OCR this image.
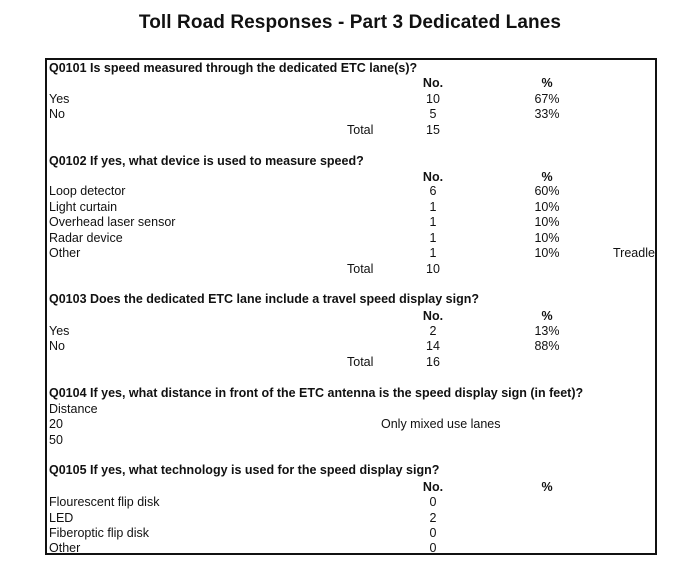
Toll Road Responses - Part 3 Dedicated Lanes
Q0101 Is speed measured through the dedicated ETC lane(s)?
No.	%
Yes	10	67%
No	5	33%
Total	15
Q0102 If yes, what device is used to measure speed?
No.	%
Loop detector	6	60%
Light curtain	1	10%
Overhead laser sensor	1	10%
Radar device	1	10%
Other	1	10%	Treadle
Total	10
Q0103 Does the dedicated ETC lane include a travel speed display sign?
No.	%
Yes	2	13%
No	14	88%
Total	16
Q0104 If yes, what distance in front of the ETC antenna is the speed display sign (in feet)?
Distance
20	Only mixed use lanes
50
Q0105 If yes, what technology is used for the speed display sign?
No.	%
Flourescent flip disk	0
LED	2
Fiberoptic flip disk	0
Other	0
